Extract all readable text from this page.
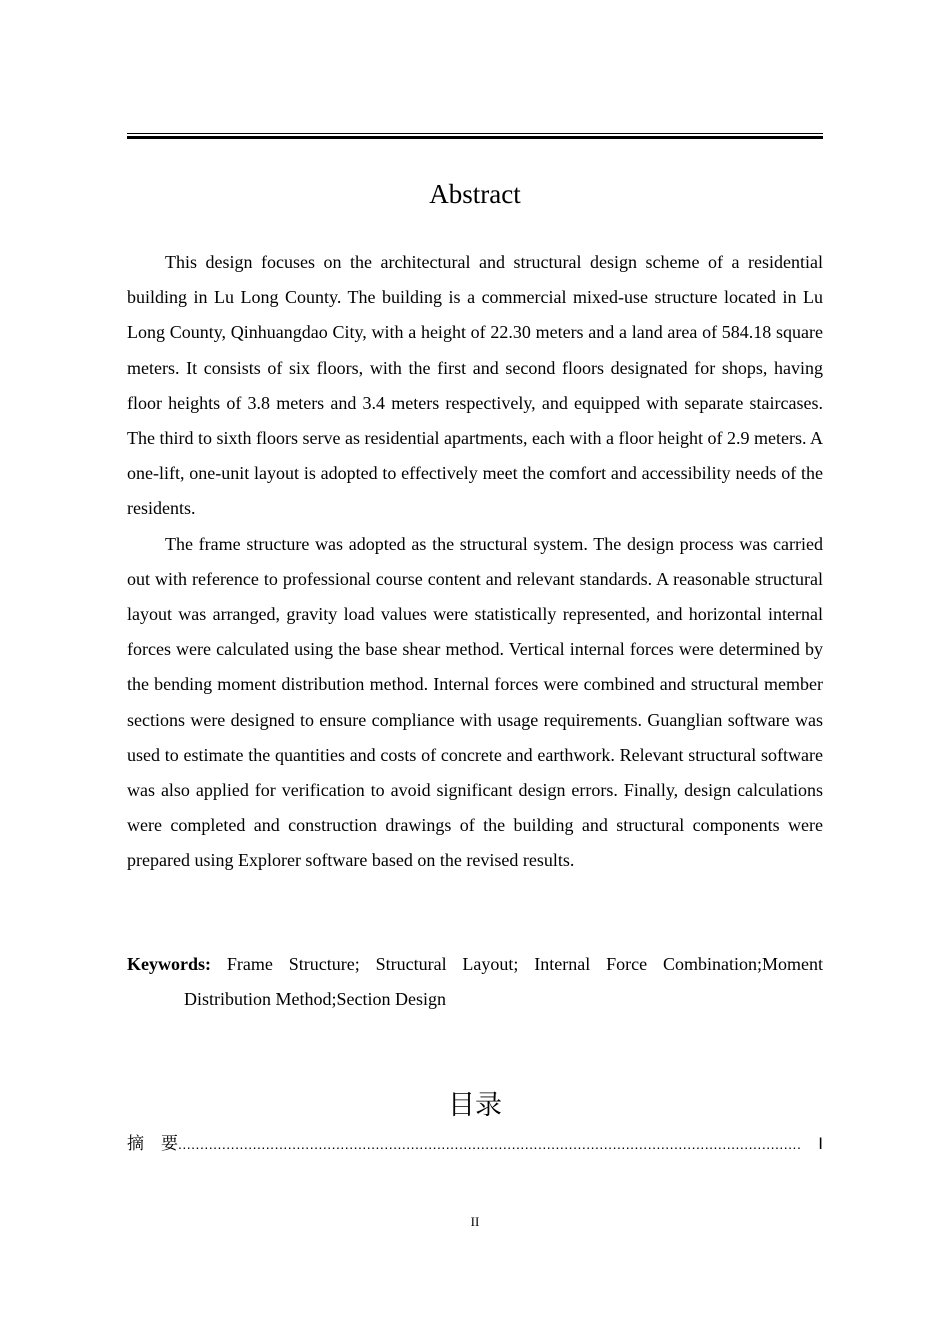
Abstract

This design focuses on the architectural and structural design scheme of a residential building in Lu Long County. The building is a commercial mixed-use structure located in Lu Long County, Qinhuangdao City, with a height of 22.30 meters and a land area of 584.18 square meters. It consists of six floors, with the first and second floors designated for shops, having floor heights of 3.8 meters and 3.4 meters respectively, and equipped with separate staircases. The third to sixth floors serve as residential apartments, each with a floor height of 2.9 meters. A one-lift, one-unit layout is adopted to effectively meet the comfort and accessibility needs of the residents.

The frame structure was adopted as the structural system. The design process was carried out with reference to professional course content and relevant standards. A reasonable structural layout was arranged, gravity load values were statistically represented, and horizontal internal forces were calculated using the base shear method. Vertical internal forces were determined by the bending moment distribution method. Internal forces were combined and structural member sections were designed to ensure compliance with usage requirements. Guanglian software was used to estimate the quantities and costs of concrete and earthwork. Relevant structural software was also applied for verification to avoid significant design errors. Finally, design calculations were completed and construction drawings of the building and structural components were prepared using Explorer software based on the revised results.

Keywords: Frame Structure; Structural Layout; Internal Force Combination;Moment Distribution Method;Section Design
目录
摘　要 .............................................................................................................................................. I
II
